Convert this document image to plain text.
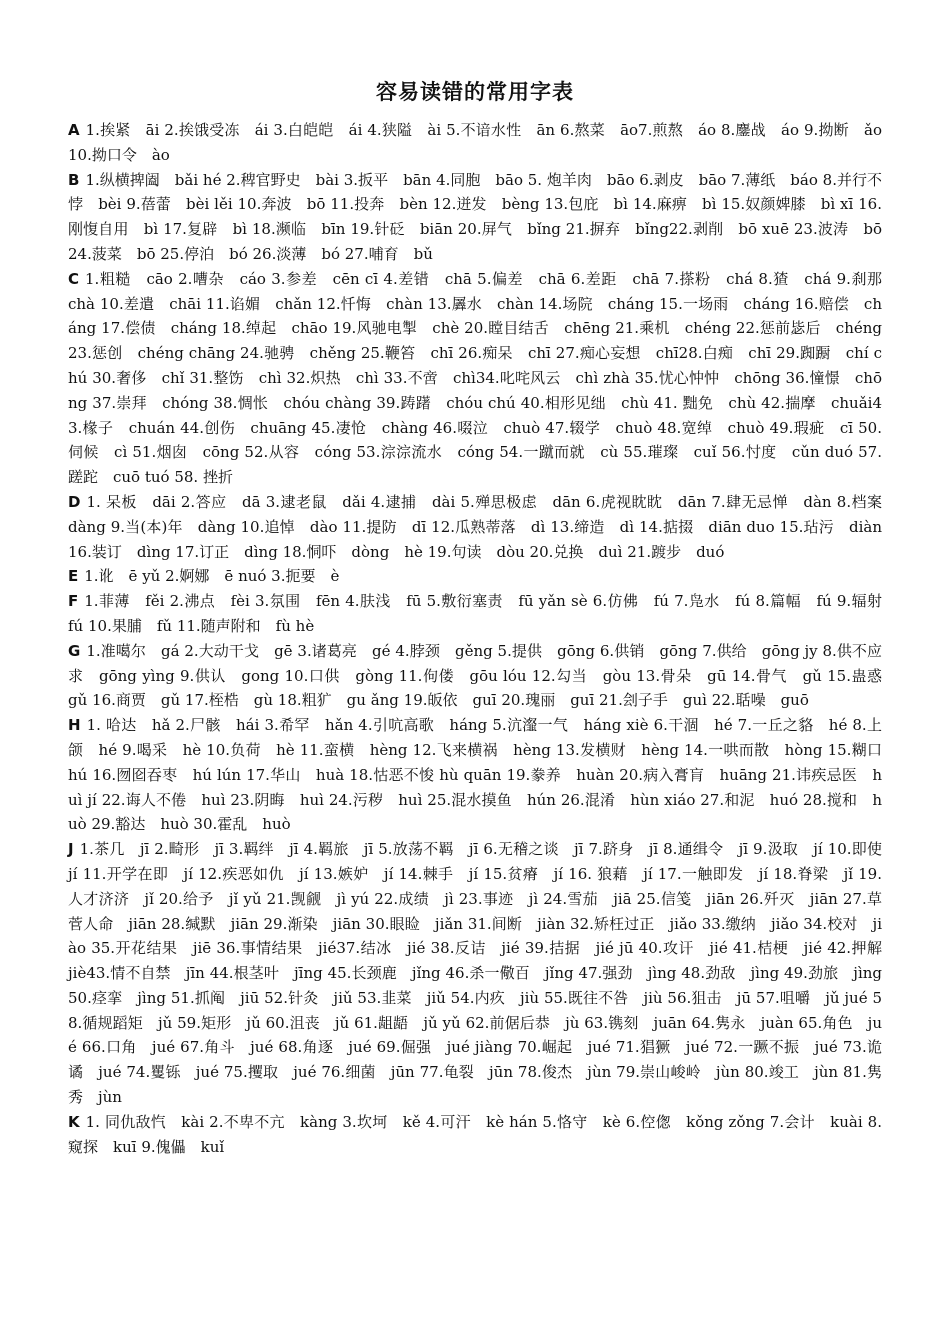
容易读错的常用字表

A 1.挨紧　āi 2.挨饿受冻　ái 3.白皑皑　ái 4.狭隘　ài 5.不谙水性　ān 6.熬菜　āo7.煎熬　áo 8.鏖战　áo 9.拗断　ǎo 10.拗口令　ào

B 1.纵横捭阖　bǎi hé 2.稗官野史　bài 3.扳平　bān 4.同胞　bāo 5. 炮羊肉　bāo 6.剥皮　bāo 7.薄纸　báo 8.并行不悖　bèi 9.蓓蕾　bèi lěi 10.奔波　bō 11.投奔　bèn 12.迸发　bèng 13.包庇　bì 14.麻痹　bì 15.奴颜婢膝　bì xī 16.刚愎自用　bì 17.复辟　bì 18.濒临　bīn 19.针砭　biān 20.屏气　bǐng 21.摒弃　bǐng22.剥削　bō xuē 23.波涛　bō 24.菠菜　bō 25.停泊　bó 26.淡薄　bó 27.哺育　bǔ

C 1.粗糙　cāo 2.嘈杂　cáo 3.参差　cēn cī 4.差错　chā 5.偏差　chā 6.差距　chā 7.搽粉　chá 8.猹　chá 9.刹那　chà 10.差遣　chāi 11.谄媚　chǎn 12.忏悔　chàn 13.羼水　chàn 14.场院　cháng 15.一场雨　cháng 16.赔偿　cháng 17.偿债　cháng 18.绰起　chāo 19.风驰电掣　chè 20.瞠目结舌　chēng 21.乘机　chéng 22.惩前毖后　chéng 23.惩创　chéng chāng 24.驰骋　chěng 25.鞭笞　chī 26.痴呆　chī 27.痴心妄想　chī28.白痴　chī 29.踟蹰　chí chú 30.奢侈　chǐ 31.整饬　chì 32.炽热　chì 33.不啻　chì34.叱咤风云　chì zhà 35.忧心忡忡　chōng 36.憧憬　chōng 37.崇拜　chóng 38.惆怅　chóu chàng 39.踌躇　chóu chú 40.相形见绌　chù 41. 黜免　chù 42.揣摩　chuǎi43.椽子　chuán 44.创伤　chuāng 45.凄怆　chàng 46.啜泣　chuò 47.辍学　chuò 48.宽绰　chuò 49.瑕疵　cī 50.伺候　cì 51.烟囱　cōng 52.从容　cóng 53.淙淙流水　cóng 54.一蹴而就　cù 55.璀璨　cuǐ 56.忖度　cǔn duó 57.蹉跎　cuō tuó 58. 挫折

D 1. 呆板　dāi 2.答应　dā 3.逮老鼠　dǎi 4.逮捕　dài 5.殚思极虑　dān 6.虎视眈眈　dān 7.肆无忌惮　dàn 8.档案　dàng 9.当(本)年　dàng 10.追悼　dào 11.提防　dī 12.瓜熟蒂落　dì 13.缔造　dì 14.掂掇　diān duo 15.玷污　diàn 16.装订　dìng 17.订正　dìng 18.恫吓　dòng　hè 19.句读　dòu 20.兑换　duì 21.踱步　duó

E 1.讹　ē yǔ 2.婀娜　ē nuó 3.扼要　è

F 1.菲薄　fěi 2.沸点　fèi 3.氛围　fēn 4.肤浅　fū 5.敷衍塞责　fū yǎn sè 6.仿佛　fú 7.凫水　fú 8.篇幅　fú 9.辐射　fú 10.果脯　fǔ 11.随声附和　fù hè

G 1.准噶尔　gá 2.大动干戈　gē 3.诸葛亮　gé 4.脖颈　gěng 5.提供　gōng 6.供销　gōng 7.供给　gōng jy 8.供不应求　gōng yìng 9.供认　gong 10.口供　gòng 11.佝偻　gōu lóu 12.勾当　gòu 13.骨朵　gū 14.骨气　gǔ 15.蛊惑　gǔ 16.商贾　gǔ 17.桎梏　gù 18.粗犷　gu ǎng 19.皈依　guī 20.瑰丽　guī 21.刽子手　guì 22.聒噪　guō

H 1. 哈达　hǎ 2.尸骸　hái 3.希罕　hǎn 4.引吭高歌　háng 5.沆瀣一气　háng xiè 6.干涸　hé 7.一丘之貉　hé 8.上颌　hé 9.喝采　hè 10.负荷　hè 11.蛮横　hèng 12.飞来横祸　hèng 13.发横财　hèng 14.一哄而散　hòng 15.糊口　hú 16.囫囵吞枣　hú lún 17.华山　huà 18.怙恶不悛 hù quān 19.豢养　huàn 20.病入膏肓　huāng 21.讳疾忌医　huì jí 22.诲人不倦　huì 23.阴晦　huì 24.污秽　huì 25.混水摸鱼　hún 26.混淆　hùn xiáo 27.和泥　huó 28.搅和　huò 29.豁达　huò 30.霍乱　huò

J 1.茶几　jī 2.畸形　jī 3.羁绊　jī 4.羁旅　jī 5.放荡不羁　jī 6.无稽之谈　jī 7.跻身　jī 8.通缉令　jī 9.汲取　jí 10.即使　jí 11.开学在即　jí 12.疾恶如仇　jí 13.嫉妒　jí 14.棘手　jí 15.贫瘠　jí 16. 狼藉　jí 17.一触即发　jí 18.脊梁　jǐ 19. 人才济济　jǐ 20.给予　jǐ yǔ 21.觊觎　jì yú 22.成绩　jì 23.事迹　jì 24.雪茄　jiā 25.信笺　jiān 26.歼灭　jiān 27.草菅人命　jiān 28.缄默　jiān 29.渐染　jiān 30.眼睑　jiǎn 31.间断　jiàn 32.矫枉过正　jiǎo 33.缴纳　jiǎo 34.校对　jiào 35.开花结果　jiē 36.事情结果　jié37.结冰　jié 38.反诘　jié 39.拮据　jié jū 40.攻讦　jié 41.桔梗　jié 42.押解　jiè43.情不自禁　jīn 44.根茎叶　jīng 45.长颈鹿　jǐng 46.杀一儆百　jǐng 47.强劲　jìng 48.劲敌　jìng 49.劲旅　jìng 50.痉挛　jìng 51.抓阄　jiū 52.针灸　jiǔ 53.韭菜　jiǔ 54.内疚　jiù 55.既往不咎　jiù 56.狙击　jū 57.咀嚼　jǔ jué 58.循规蹈矩　jǔ 59.矩形　jǔ 60.沮丧　jǔ 61.龃龉　jǔ yǔ 62.前倨后恭　jù 63.镌刻　juān 64.隽永　juàn 65.角色　jué 66.口角　jué 67.角斗　jué 68.角逐　jué 69.倔强　jué jiàng 70.崛起　jué 71.猖獗　jué 72.一蹶不振　jué 73.诡谲　jué 74.矍铄　jué 75.攫取　jué 76.细菌　jūn 77.龟裂　jūn 78.俊杰　jùn 79.崇山峻岭　jùn 80.竣工　jùn 81.隽秀　jùn

K 1. 同仇敌忾　kài 2.不卑不亢　kàng 3.坎坷　kě 4.可汗　kè hán 5.恪守　kè 6.倥偬　kǒng zǒng 7.会计　kuài 8.窥探　kuī 9.傀儡　kuǐ
